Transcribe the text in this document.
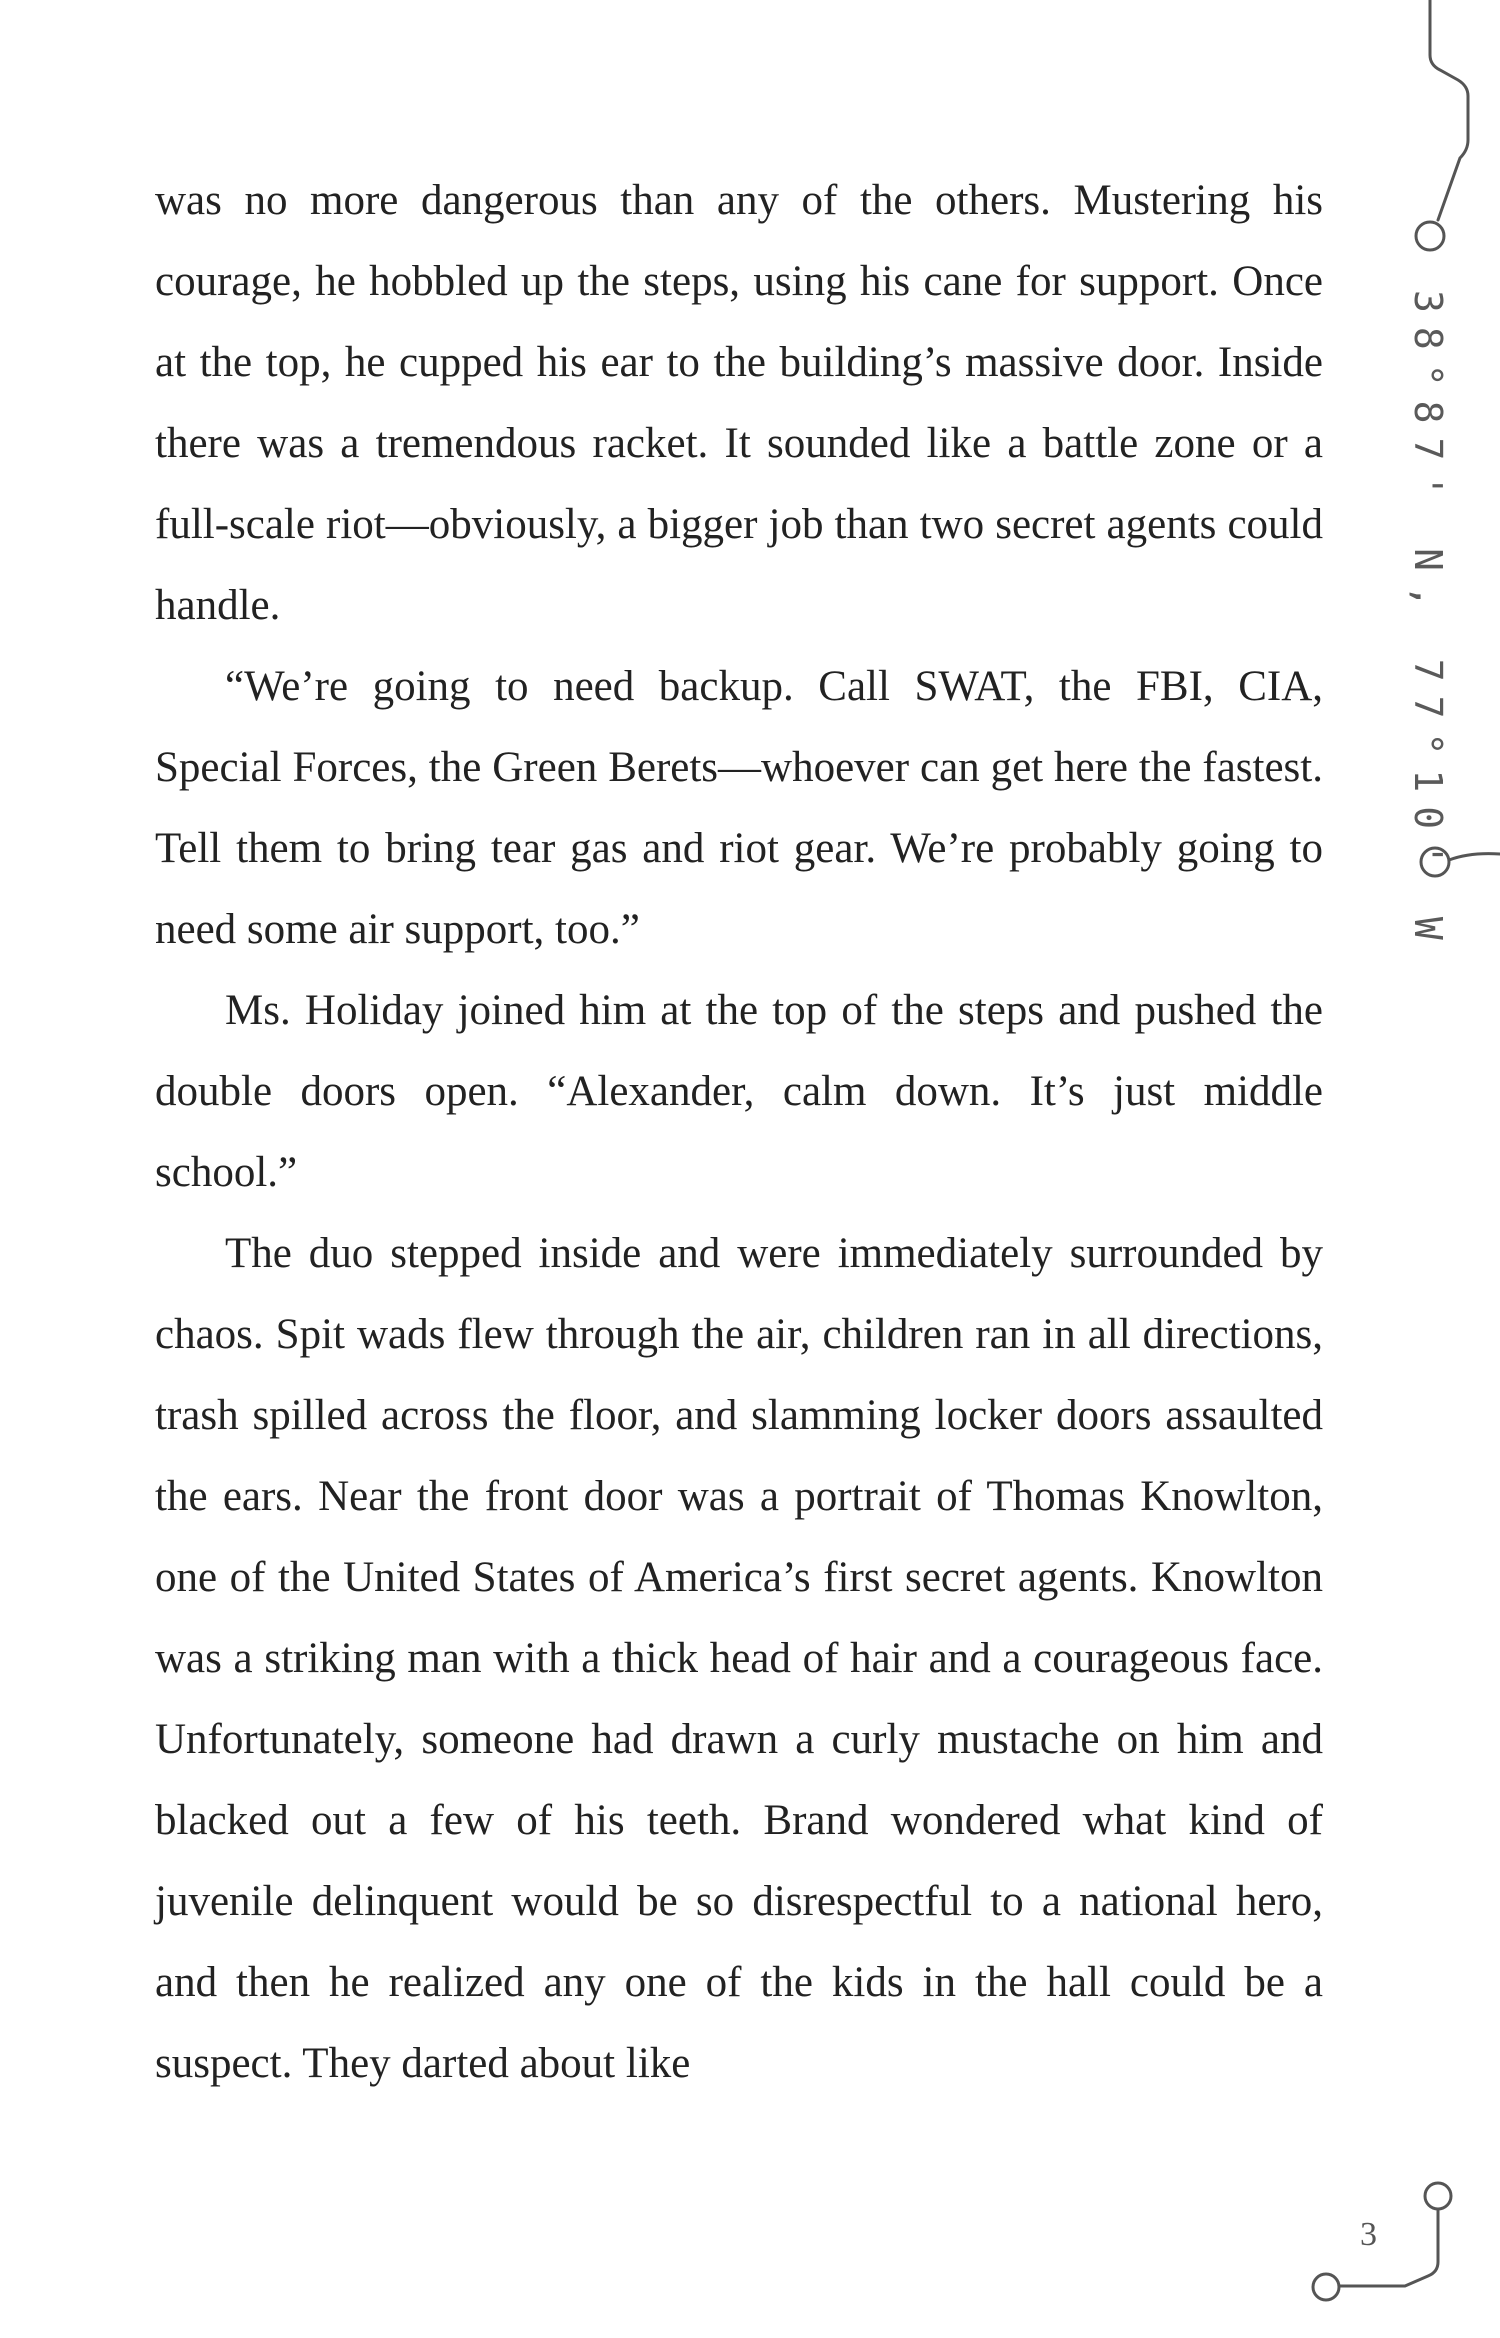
was no more dangerous than any of the others. Mustering his courage, he hobbled up the steps, using his cane for support. Once at the top, he cupped his ear to the building’s massive door. Inside there was a tremendous racket. It sounded like a battle zone or a full-scale riot—obviously, a bigger job than two secret agents could handle.

“We’re going to need backup. Call SWAT, the FBI, CIA, Special Forces, the Green Berets—whoever can get here the fastest. Tell them to bring tear gas and riot gear. We’re probably going to need some air support, too.”

Ms. Holiday joined him at the top of the steps and pushed the double doors open. “Alexander, calm down. It’s just middle school.”

The duo stepped inside and were immediately surrounded by chaos. Spit wads flew through the air, children ran in all directions, trash spilled across the floor, and slamming locker doors assaulted the ears. Near the front door was a portrait of Thomas Knowlton, one of the United States of America’s first secret agents. Knowlton was a striking man with a thick head of hair and a courageous face. Unfortunately, someone had drawn a curly mustache on him and blacked out a few of his teeth. Brand wondered what kind of juvenile delinquent would be so disrespectful to a national hero, and then he realized any one of the kids in the hall could be a suspect. They darted about like

38°87' N, 77°10' W
3
